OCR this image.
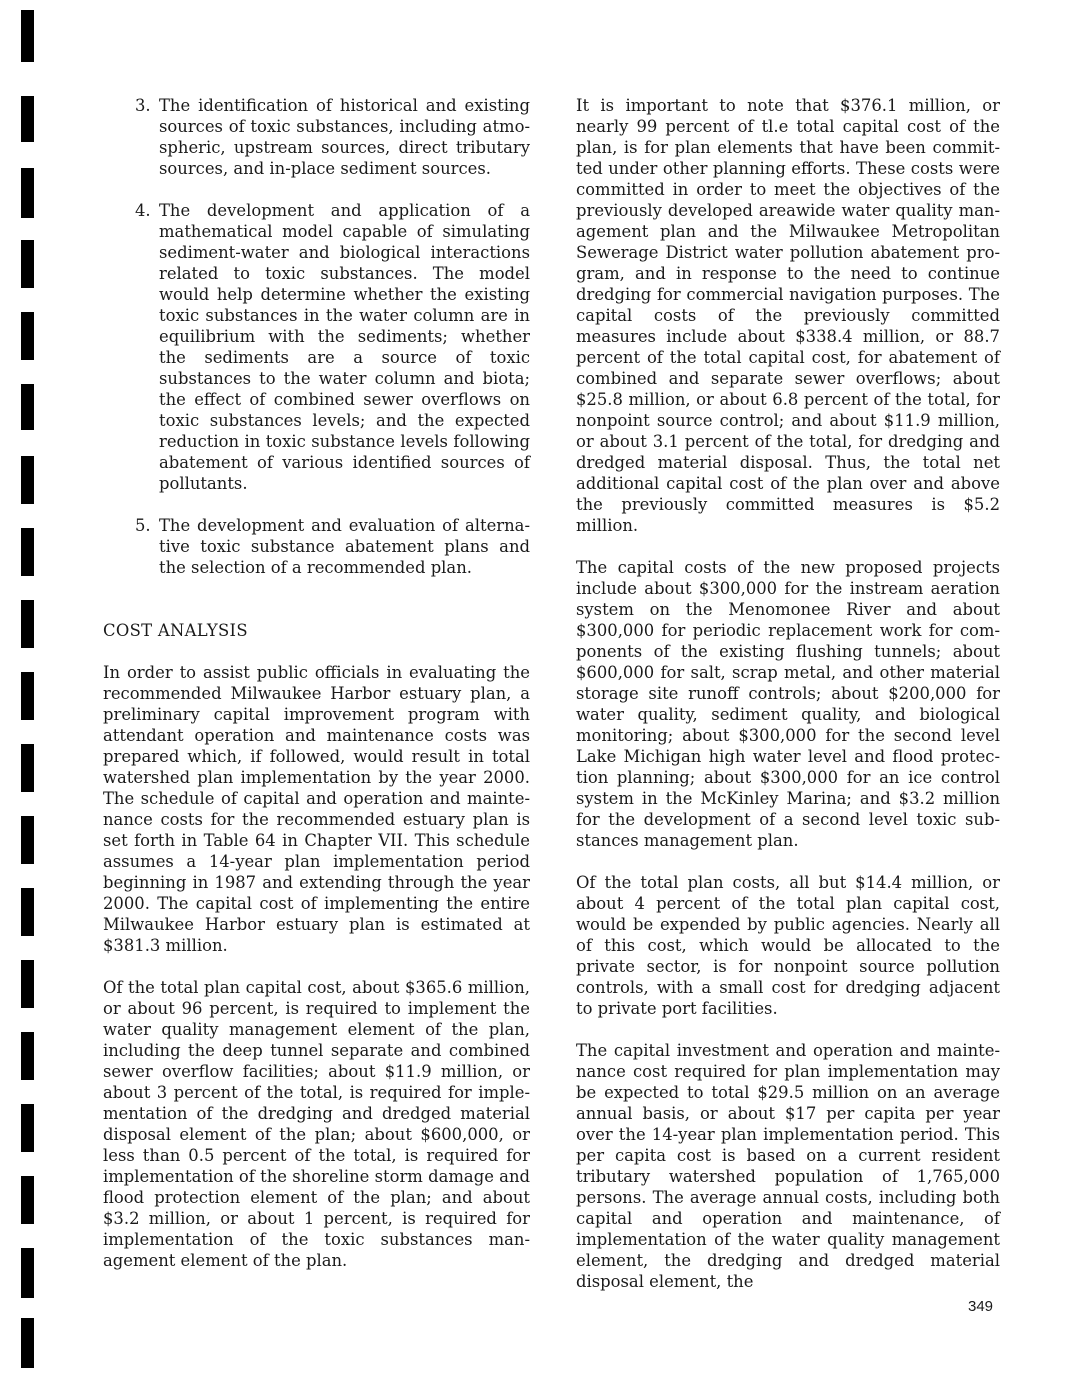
3. The identification of historical and existing sources of toxic substances, including atmospheric, upstream sources, direct tributary sources, and in-place sediment sources.

4. The development and application of a mathematical model capable of simulating sediment-water and biological interactions related to toxic substances. The model would help determine whether the existing toxic substances in the water column are in equilibrium with the sediments; whether the sediments are a source of toxic substances to the water column and biota; the effect of combined sewer overflows on toxic substances levels; and the expected reduction in toxic substance levels following abatement of various identified sources of pollutants.

5. The development and evaluation of alternative toxic substance abatement plans and the selection of a recommended plan.

COST ANALYSIS

In order to assist public officials in evaluating the recommended Milwaukee Harbor estuary plan, a preliminary capital improvement program with attendant operation and maintenance costs was prepared which, if followed, would result in total watershed plan implementation by the year 2000. The schedule of capital and operation and maintenance costs for the recommended estuary plan is set forth in Table 64 in Chapter VII. This schedule assumes a 14-year plan implementation period beginning in 1987 and extending through the year 2000. The capital cost of implementing the entire Milwaukee Harbor estuary plan is estimated at $381.3 million.

Of the total plan capital cost, about $365.6 million, or about 96 percent, is required to implement the water quality management element of the plan, including the deep tunnel separate and combined sewer overflow facilities; about $11.9 million, or about 3 percent of the total, is required for implementation of the dredging and dredged material disposal element of the plan; about $600,000, or less than 0.5 percent of the total, is required for implementation of the shoreline storm damage and flood protection element of the plan; and about $3.2 million, or about 1 percent, is required for implementation of the toxic substances management element of the plan.

It is important to note that $376.1 million, or nearly 99 percent of tl.e total capital cost of the plan, is for plan elements that have been committed under other planning efforts. These costs were committed in order to meet the objectives of the previously developed areawide water quality management plan and the Milwaukee Metropolitan Sewerage District water pollution abatement program, and in response to the need to continue dredging for commercial navigation purposes. The capital costs of the previously committed measures include about $338.4 million, or 88.7 percent of the total capital cost, for abatement of combined and separate sewer overflows; about $25.8 million, or about 6.8 percent of the total, for nonpoint source control; and about $11.9 million, or about 3.1 percent of the total, for dredging and dredged material disposal. Thus, the total net additional capital cost of the plan over and above the previously committed measures is $5.2 million.

The capital costs of the new proposed projects include about $300,000 for the instream aeration system on the Menomonee River and about $300,000 for periodic replacement work for components of the existing flushing tunnels; about $600,000 for salt, scrap metal, and other material storage site runoff controls; about $200,000 for water quality, sediment quality, and biological monitoring; about $300,000 for the second level Lake Michigan high water level and flood protection planning; about $300,000 for an ice control system in the McKinley Marina; and $3.2 million for the development of a second level toxic substances management plan.

Of the total plan costs, all but $14.4 million, or about 4 percent of the total plan capital cost, would be expended by public agencies. Nearly all of this cost, which would be allocated to the private sector, is for nonpoint source pollution controls, with a small cost for dredging adjacent to private port facilities.

The capital investment and operation and maintenance cost required for plan implementation may be expected to total $29.5 million on an average annual basis, or about $17 per capita per year over the 14-year plan implementation period. This per capita cost is based on a current resident tributary watershed population of 1,765,000 persons. The average annual costs, including both capital and operation and maintenance, of implementation of the water quality management element, the dredging and dredged material disposal element, the

349
